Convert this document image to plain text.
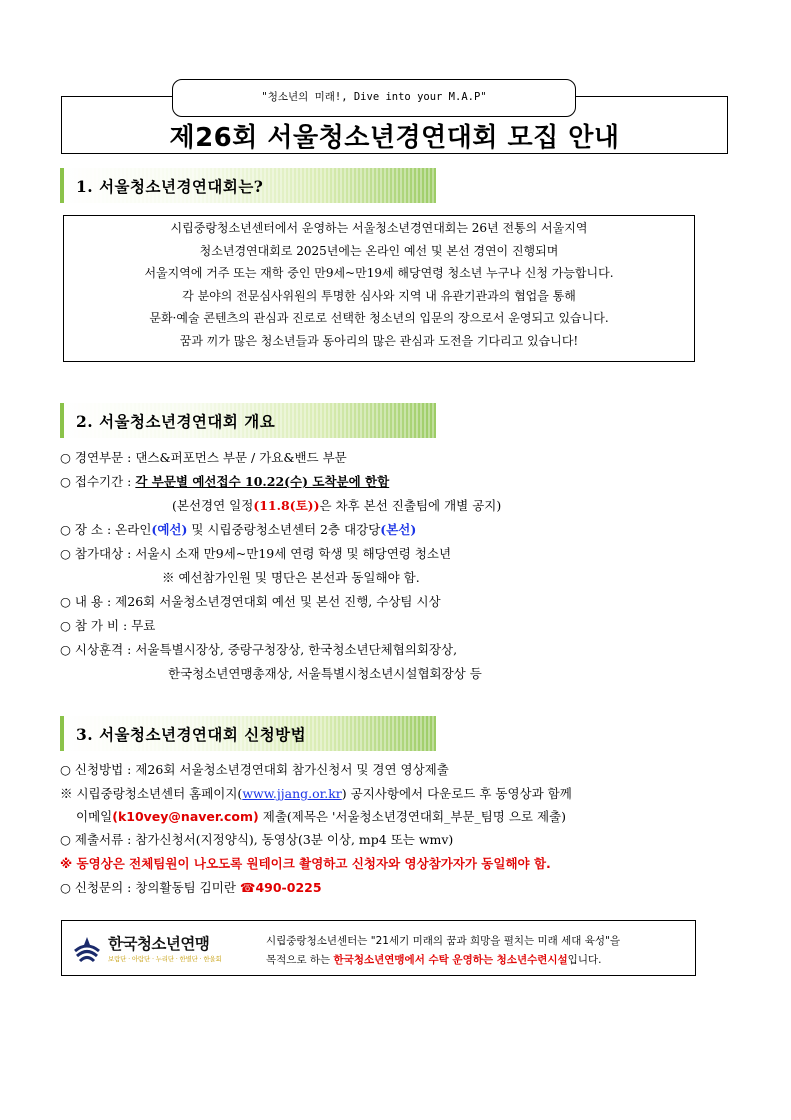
"청소년의 미래!, Dive into your M.A.P"
제26회 서울청소년경연대회 모집 안내
1. 서울청소년경연대회는?
시립중랑청소년센터에서 운영하는 서울청소년경연대회는 26년 전통의 서울지역
청소년경연대회로 2025년에는 온라인 예선 및 본선 경연이 진행되며
서울지역에 거주 또는 재학 중인 만9세~만19세 해당연령 청소년 누구나 신청 가능합니다.
각 분야의 전문심사위원의 투명한 심사와 지역 내 유관기관과의 협업을 통해
문화·예술 콘텐츠의 관심과 진로로 선택한 청소년의 입문의 장으로서 운영되고 있습니다.
꿈과 끼가 많은 청소년들과 동아리의 많은 관심과 도전을 기다리고 있습니다!
2. 서울청소년경연대회 개요
○ 경연부문 : 댄스&퍼포먼스 부문 / 가요&밴드 부문
○ 접수기간 : 각 부문별 예선접수 10.22(수) 도착분에 한함
(본선경연 일정(11.8(토))은 차후 본선 진출팀에 개별 공지)
○ 장 소 : 온라인(예선) 및 시립중랑청소년센터 2층 대강당(본선)
○ 참가대상 : 서울시 소재 만9세~만19세 연령 학생 및 해당연령 청소년
※ 예선참가인원 및 명단은 본선과 동일해야 함.
○ 내 용 : 제26회 서울청소년경연대회 예선 및 본선 진행, 수상팀 시상
○ 참 가 비 : 무료
○ 시상훈격 : 서울특별시장상, 중랑구청장상, 한국청소년단체협의회장상,
한국청소년연맹총재상, 서울특별시청소년시설협회장상 등
3. 서울청소년경연대회 신청방법
○ 신청방법 : 제26회 서울청소년경연대회 참가신청서 및 경연 영상제출
※ 시립중랑청소년센터 홈페이지(www.jjang.or.kr) 공지사항에서 다운로드 후 동영상과 함께
이메일(k10vey@naver.com) 제출(제목은 '서울청소년경연대회_부문_팀명 으로 제출)
○ 제출서류 : 참가신청서(지정양식), 동영상(3분 이상, mp4 또는 wmv)
※ 동영상은 전체팀원이 나오도록 원테이크 촬영하고 신청자와 영상참가자가 동일해야 함.
○ 신청문의 : 창의활동팀 김미란 ☎490-0225
한국청소년연맹
보람단 · 아람단 · 누리단 · 한별단 · 한울회
시립중랑청소년센터는 "21세기 미래의 꿈과 희망을 펼치는 미래 세대 육성"을
목적으로 하는 한국청소년연맹에서 수탁 운영하는 청소년수련시설입니다.
